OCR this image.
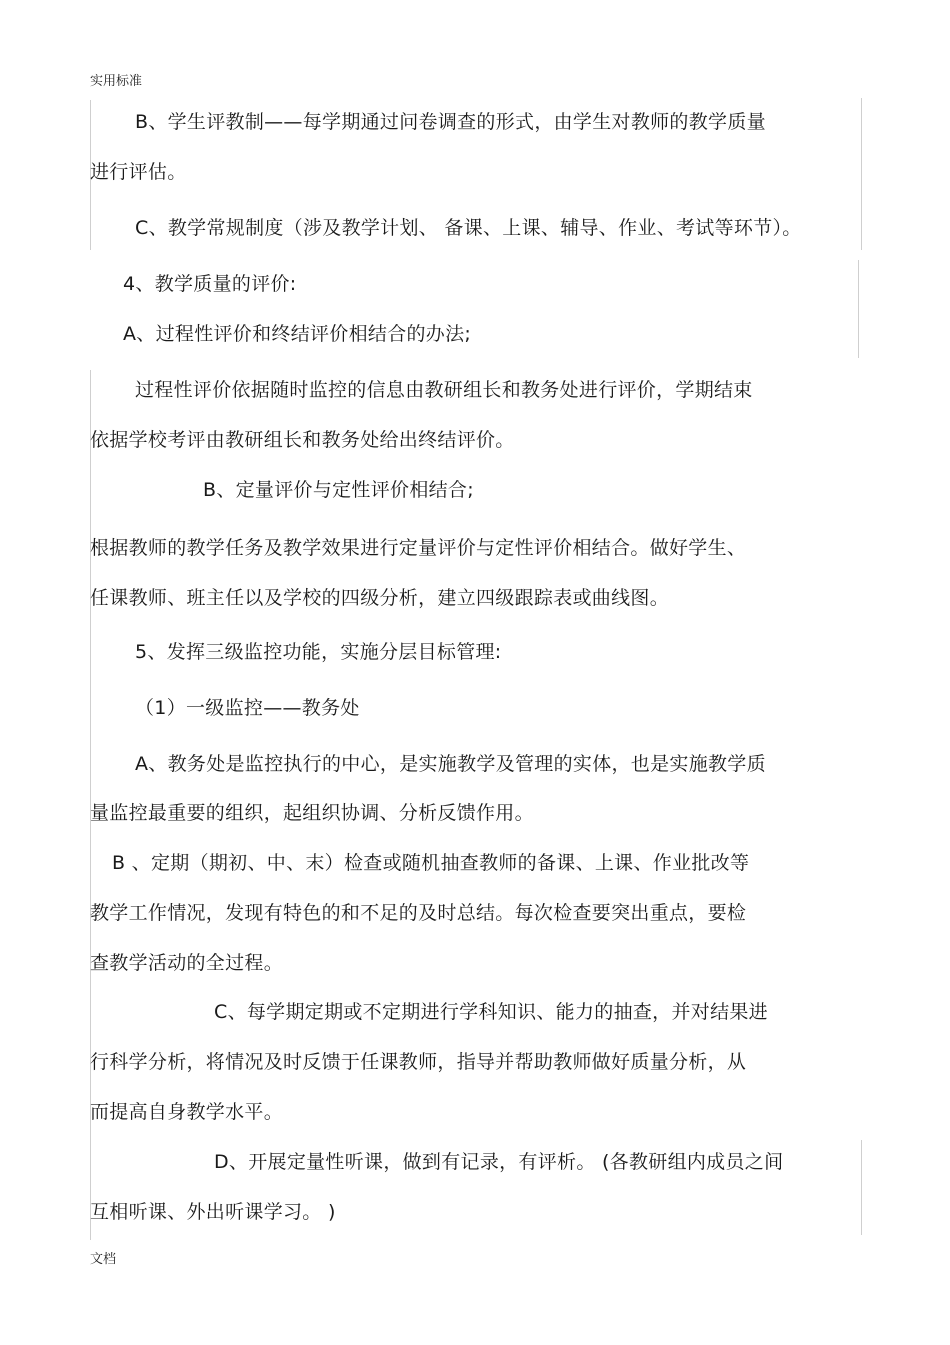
实用标准
B、学生评教制——每学期通过问卷调查的形式，由学生对教师的教学质量
进行评估。
C、教学常规制度（涉及教学计划、 备课、上课、辅导、作业、考试等环节）。
4、教学质量的评价:
A、过程性评价和终结评价相结合的办法;
过程性评价依据随时监控的信息由教研组长和教务处进行评价，学期结束
依据学校考评由教研组长和教务处给出终结评价。
B、定量评价与定性评价相结合;
根据教师的教学任务及教学效果进行定量评价与定性评价相结合。做好学生、
任课教师、班主任以及学校的四级分析，建立四级跟踪表或曲线图。
5、发挥三级监控功能，实施分层目标管理:
（1）一级监控——教务处
A、教务处是监控执行的中心，是实施教学及管理的实体，也是实施教学质
量监控最重要的组织，起组织协调、分析反馈作用。
B 、定期（期初、中、末）检查或随机抽查教师的备课、上课、作业批改等
教学工作情况，发现有特色的和不足的及时总结。每次检查要突出重点，要检
查教学活动的全过程。
C、每学期定期或不定期进行学科知识、能力的抽查，并对结果进
行科学分析，将情况及时反馈于任课教师，指导并帮助教师做好质量分析，从
而提高自身教学水平。
D、开展定量性听课，做到有记录，有评析。 (各教研组内成员之间
互相听课、外出听课学习。 )
文档
